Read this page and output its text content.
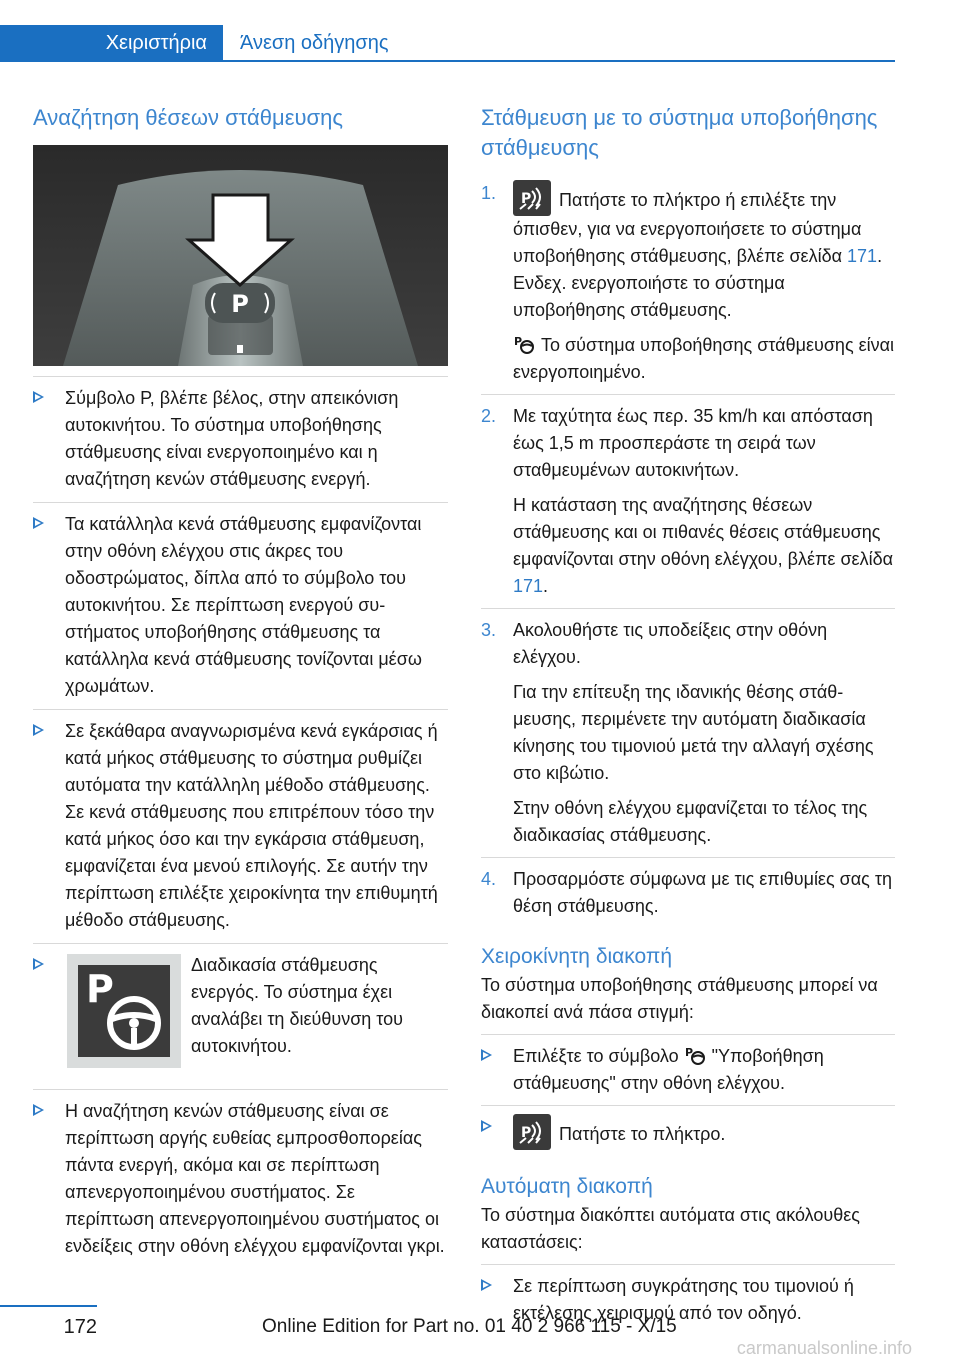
Χειριστήρια Άνεση οδήγησης
Αναζήτηση θέσεων στάθμευσης
P

Σύμβολο P, βλέπε βέλος, στην απεικόνιση αυτοκινήτου. Το σύστημα υποβοήθησης στάθμευσης είναι ενεργοποιημένο και η αναζήτηση κενών στάθμευσης ενεργή.

Τα κατάλληλα κενά στάθμευσης εμφανίζονται στην οθόνη ελέγχου στις άκρες του οδοστρώματος, δίπλα από το σύμβολο του αυτοκινήτου. Σε περίπτωση ενεργού συστήματος υποβοήθησης στάθμευσης τα κατάλληλα κενά στάθμευσης τονίζονται μέσω χρωμάτων.

Σε ξεκάθαρα αναγνωρισμένα κενά εγκάρσιας ή κατά μήκος στάθμευσης το σύστημα ρυθμίζει αυτόματα την κατάλληλη μέθοδο στάθμευσης. Σε κενά στάθμευσης που επιτρέπουν τόσο την κατά μήκος όσο και την εγκάρσια στάθμευση, εμφανίζεται ένα μενού επιλογής. Σε αυτήν την περίπτωση επιλέξτε χειροκίνητα την επιθυμητή μέθοδο στάθμευσης.

P

Διαδικασία στάθμευσης ενεργός. Το σύστημα έχει αναλάβει τη διεύθυνση του αυτοκινήτου.

Η αναζήτηση κενών στάθμευσης είναι σε περίπτωση αργής ευθείας εμπροσθοπορείας πάντα ενεργή, ακόμα και σε περίπτωση απενεργοποιημένου συστήματος. Σε περίπτωση απενεργοποιημένου συστήματος οι ενδείξεις στην οθόνη ελέγχου εμφανίζονται γκρι.

Στάθμευση με το σύστημα υποβοήθησης στάθμευσης
1. P Πατήστε το πλήκτρο ή επιλέξτε την όπισθεν, για να ενεργοποιήσετε το σύστημα υποβοήθησης στάθμευσης, βλέπε σελίδα 171. Ενδεχ. ενεργοποιήστε το σύστημα υποβοήθησης στάθμευσης.

P Το σύστημα υποβοήθησης στάθμευσης είναι ενεργοποιημένο.

2. Με ταχύτητα έως περ. 35 km/h και απόσταση έως 1,5 m προσπεράστε τη σειρά των σταθμευμένων αυτοκινήτων.

Η κατάσταση της αναζήτησης θέσεων στάθμευσης και οι πιθανές θέσεις στάθμευσης εμφανίζονται στην οθόνη ελέγχου, βλέπε σελίδα 171.

3. Ακολουθήστε τις υποδείξεις στην οθόνη ελέγχου.

Για την επίτευξη της ιδανικής θέσης στάθμευσης, περιμένετε την αυτόματη διαδικασία κίνησης του τιμονιού μετά την αλλαγή σχέσης στο κιβώτιο.

Στην οθόνη ελέγχου εμφανίζεται το τέλος της διαδικασίας στάθμευσης.

4. Προσαρμόστε σύμφωνα με τις επιθυμίες σας τη θέση στάθμευσης.

Χειροκίνητη διακοπή

Το σύστημα υποβοήθησης στάθμευσης μπορεί να διακοπεί ανά πάσα στιγμή:

Επιλέξτε το σύμβολο P "Υποβοήθηση στάθμευσης" στην οθόνη ελέγχου.

P Πατήστε το πλήκτρο.

Αυτόματη διακοπή

Το σύστημα διακόπτει αυτόματα στις ακόλουθες καταστάσεις:

Σε περίπτωση συγκράτησης του τιμονιού ή εκτέλεσης χειρισμού από τον οδηγό.

172	Online Edition for Part no. 01 40 2 966 115 - X/15
carmanualsonline.info
